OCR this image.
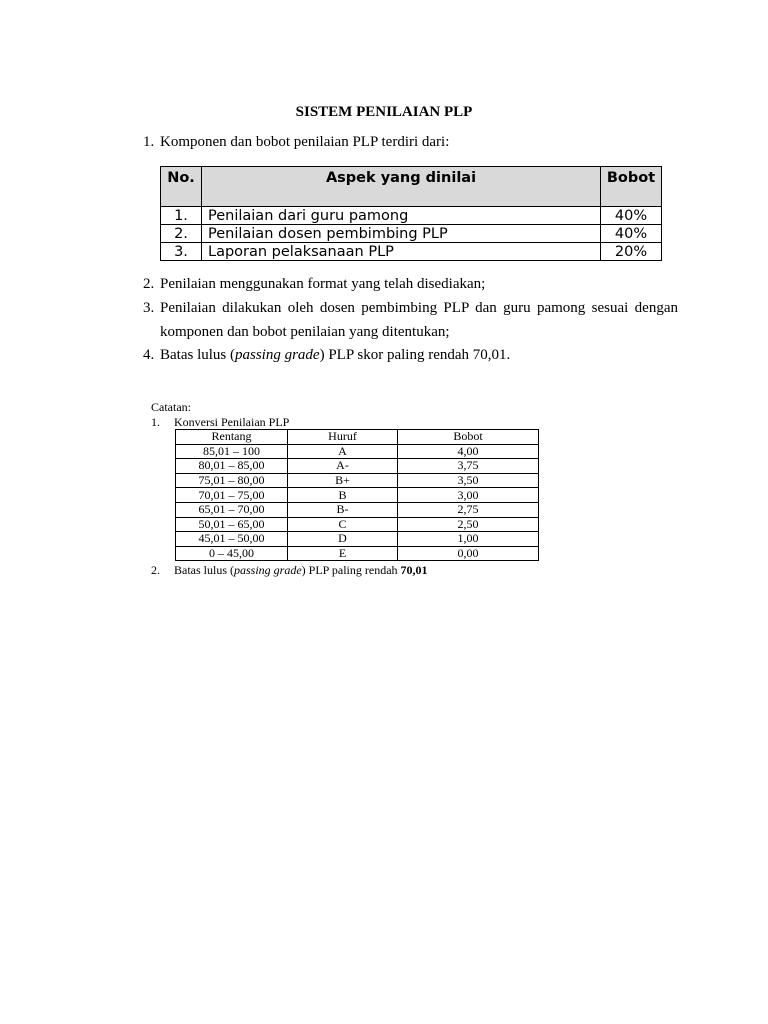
SISTEM PENILAIAN PLP
1. Komponen dan bobot penilaian PLP terdiri dari:
No.	Aspek yang dinilai	Bobot

1.	Penilaian dari guru pamong	40%
2.	Penilaian dosen pembimbing PLP	40%
3.	Laporan pelaksanaan PLP	20%
2. Penilaian menggunakan format yang telah disediakan;
3. Penilaian dilakukan oleh dosen pembimbing PLP dan guru pamong sesuai dengan komponen dan bobot penilaian yang ditentukan;
4. Batas lulus (passing grade) PLP skor paling rendah 70,01.
Catatan:
1. Konversi Penilaian PLP
2. Batas lulus (passing grade) PLP paling rendah 70,01
Rentang	Huruf	Bobot
85,01 – 100	A	4,00
80,01 – 85,00	A-	3,75
75,01 – 80,00	B+	3,50
70,01 – 75,00	B	3,00
65,01 – 70,00	B-	2,75
50,01 – 65,00	C	2,50
45,01 – 50,00	D	1,00
0 – 45,00	E	0,00
